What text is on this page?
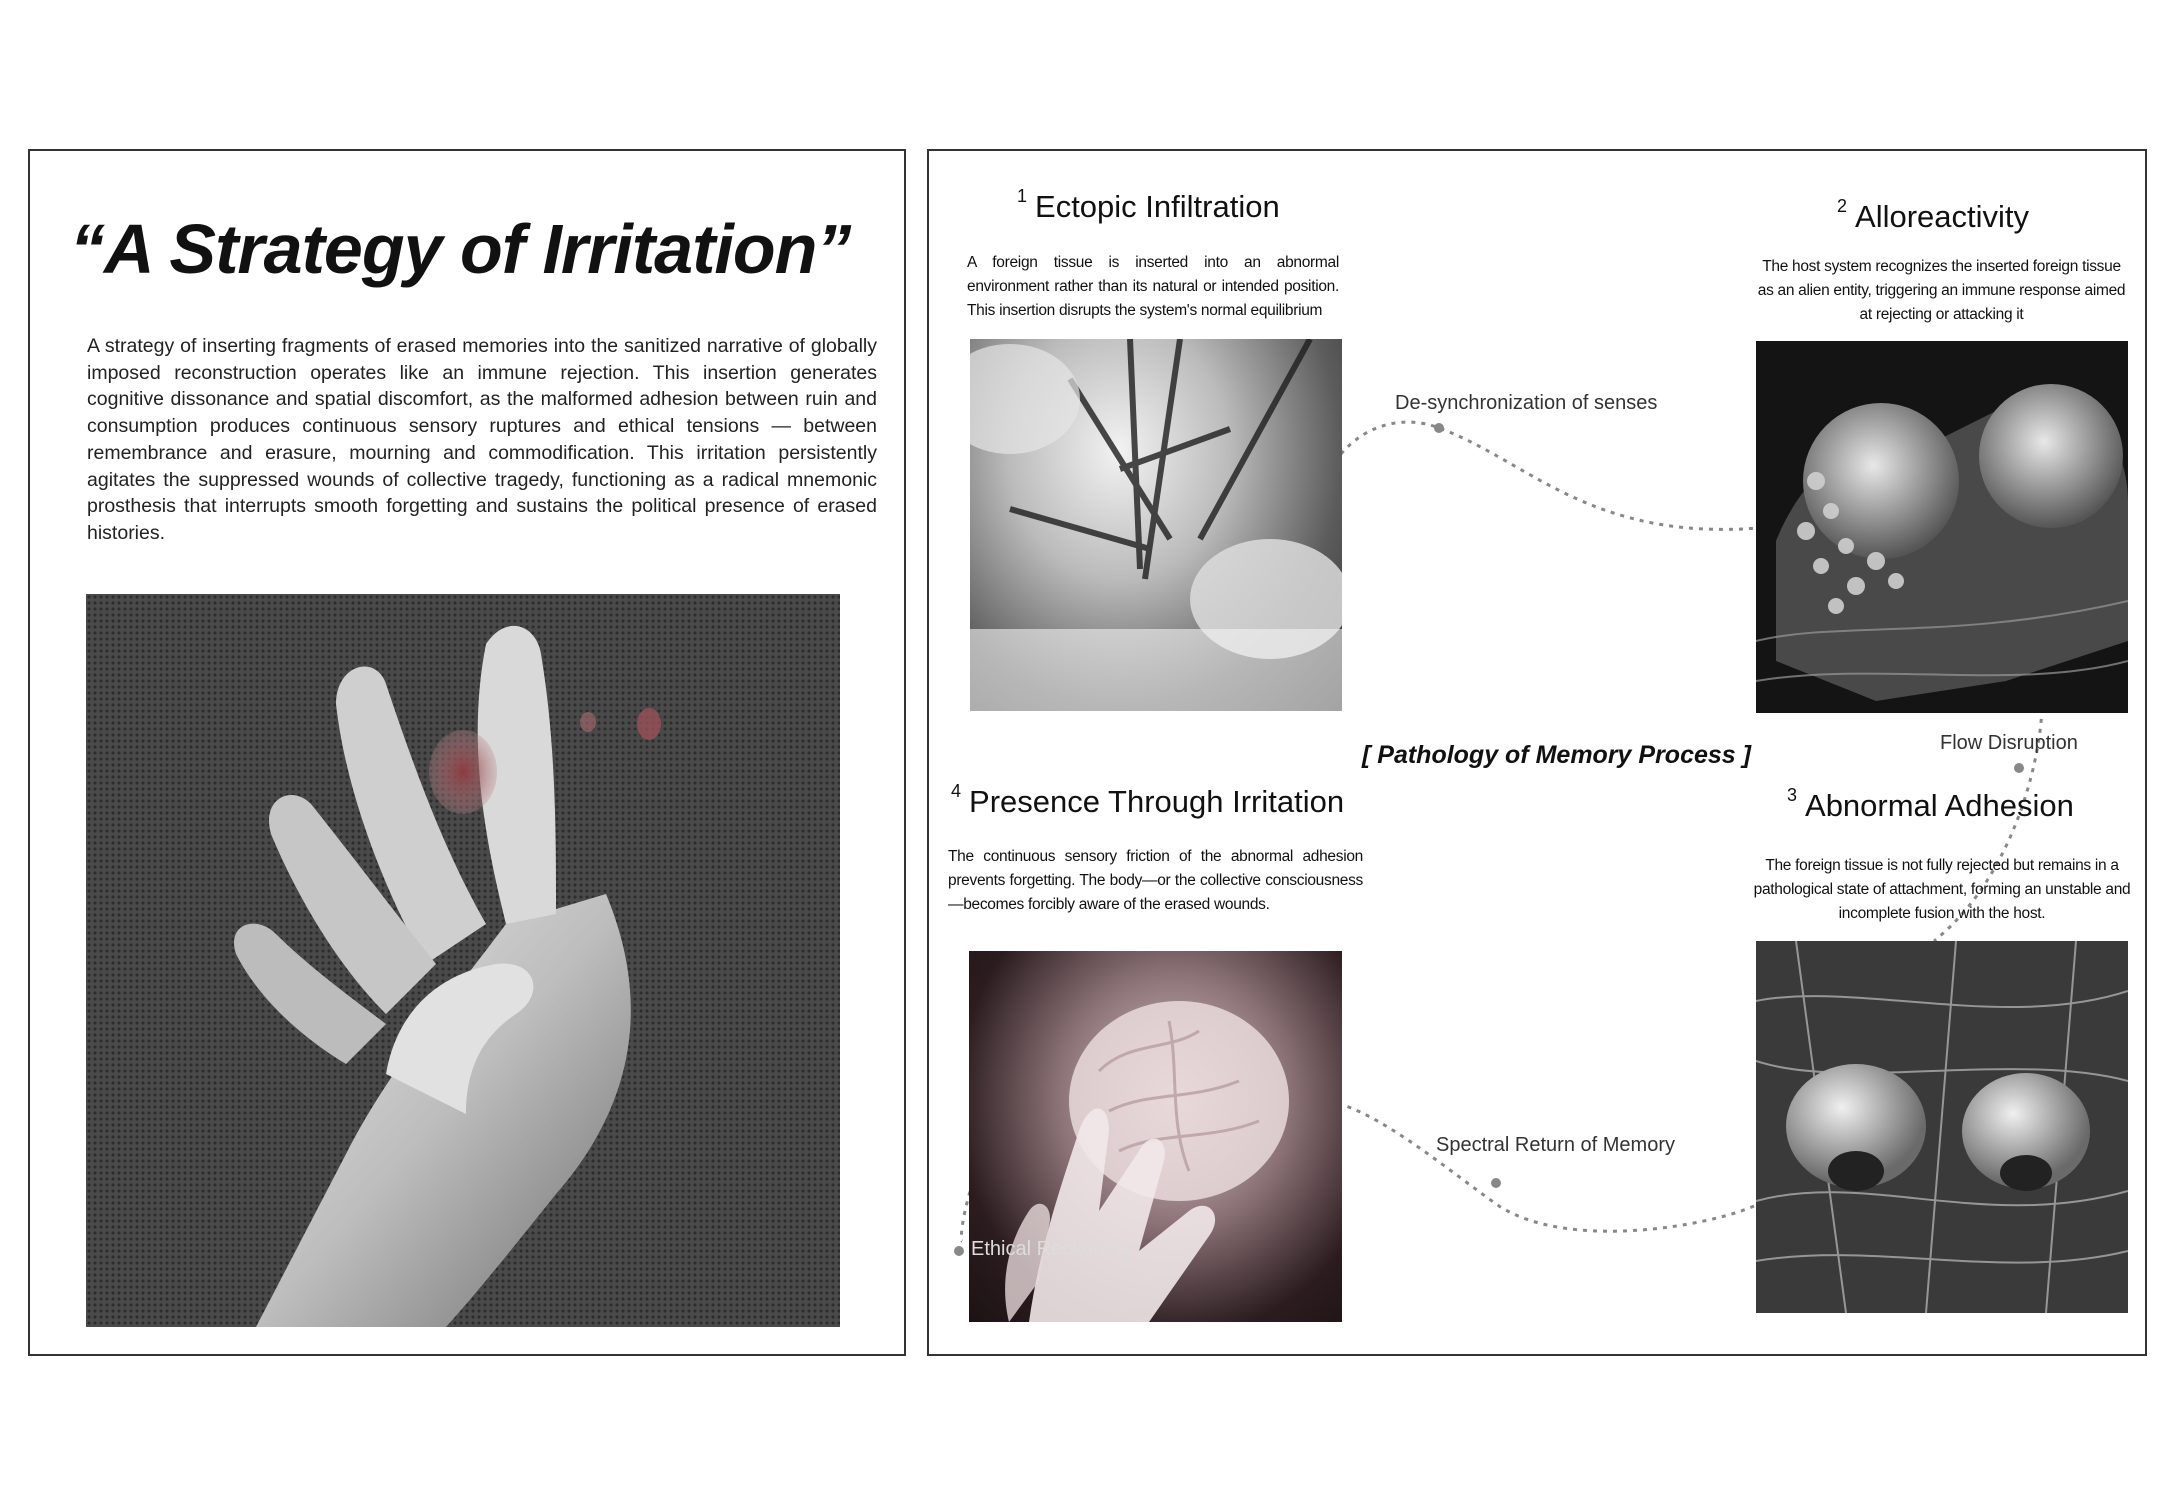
“A Strategy of Irritation”
A strategy of inserting fragments of erased memories into the sanitized narrative of globally imposed reconstruction operates like an immune rejection. This insertion generates cognitive dissonance and spatial discomfort, as the malformed adhesion between ruin and consumption produces continuous sensory ruptures and ethical tensions — between remembrance and erasure, mourning and commodification. This irritation persistently agitates the suppressed wounds of collective tragedy, functioning as a radical mnemonic prosthesis that interrupts smooth forgetting and sustains the political presence of erased histories.
$^1$ Ectopic Infiltration
A foreign tissue is inserted into an abnormal environment rather than its natural or intended position. This insertion disrupts the system's normal equilibrium
$^2$ Alloreactivity
The host system recognizes the inserted foreign tissue as an alien entity, triggering an immune response aimed at rejecting or attacking it
$^3$ Abnormal Adhesion
The foreign tissue is not fully rejected but remains in a pathological state of attachment, forming an unstable and incomplete fusion with the host.
$^4$ Presence Through Irritation
The continuous sensory friction of the abnormal adhesion prevents forgetting. The body—or the collective consciousness—becomes forcibly aware of the erased wounds.
De-synchronization of senses
Flow Disruption
Spectral Return of Memory
Ethical Reckoning
[ Pathology of Memory Process ]
